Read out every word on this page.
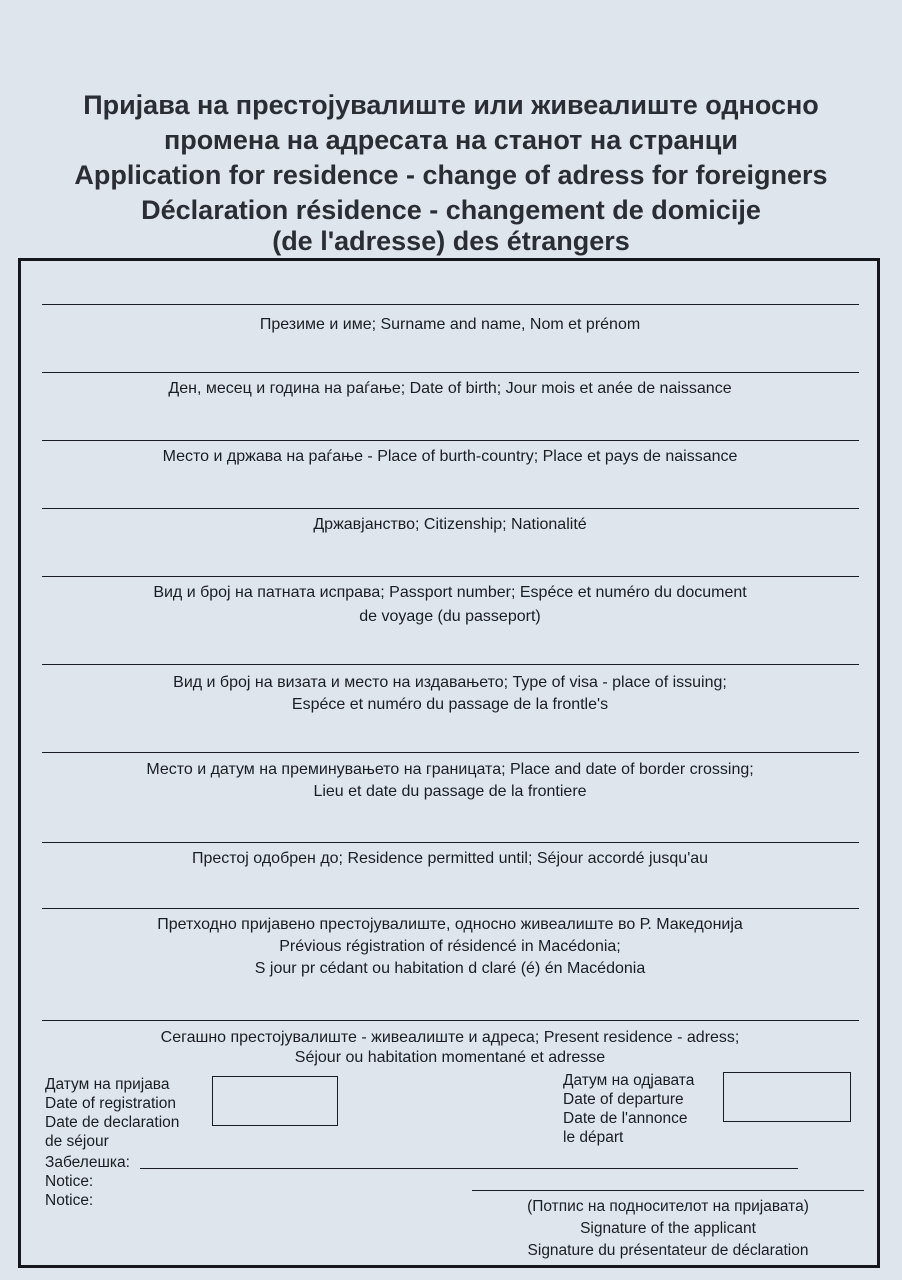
Пријава на престојувалиште или живеалиште односно
промена на адресата на станот на странци
Application for residence - change of adress for foreigners
Déclaration résidence - changement de domicije
(de l'adresse) des étrangers
Презиме и име; Surname and name, Nom et prénom
Ден, месец и година на раѓање; Date of birth; Jour mois et anée de naissance
Место и држава на раѓање - Place of burth-country; Place et pays de naissance
Државјанство; Citizenship; Nationalité
Вид и број на патната исправа; Passport number; Espéce et numéro du document
de voyage (du passeport)
Вид и број на визата и место на издавањето; Type of visa - place of issuing;
Espéce et numéro du passage de la frontle's
Место и датум на преминувањето на границата; Place and date of border crossing;
Lieu et date du passage de la frontiere
Престој одобрен до; Residence permitted until; Séjour accordé jusqu'au
Претходно пријавено престојувалиште, односно живеалиште во Р. Македонија
Prévious régistration of résidencé in Macédonia;
S jour pr cédant ou habitation d claré (é) én Macédonia
Сегашно престојувалиште - живеалиште и адреса; Present residence - adress;
Séjour ou habitation momentané et adresse
Датум на пријава
Date of registration
Date de declaration
de séjour
Датум на одјавата
Date of departure
Date de l'annonce
le départ
Забелешка:
Notice:
Notice:	(Потпис на подносителот на пријавата)
Signature of the applicant
Signature du présentateur de déclaration
